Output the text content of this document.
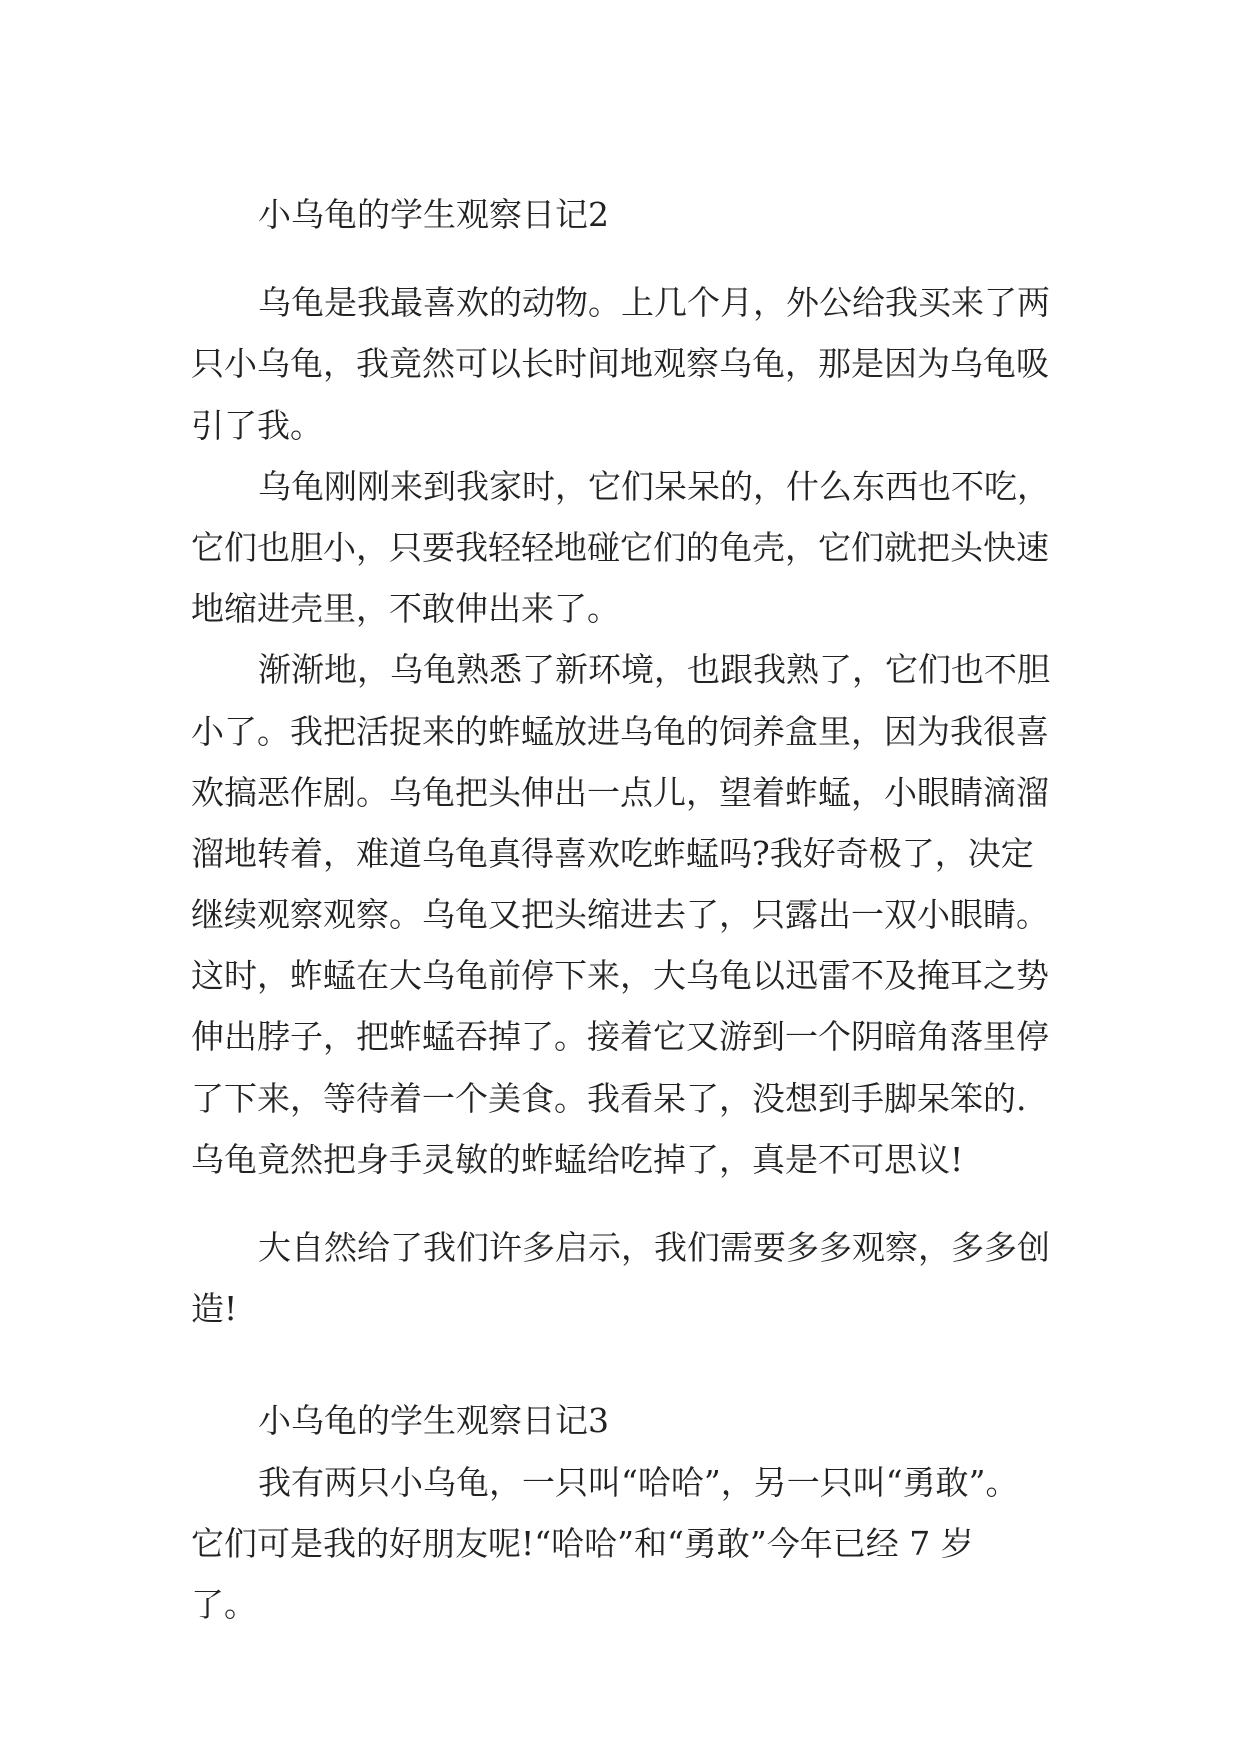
小乌龟的学生观察日记2
乌龟是我最喜欢的动物。上几个月，外公给我买来了两
只小乌龟，我竟然可以长时间地观察乌龟，那是因为乌龟吸
引了我。
乌龟刚刚来到我家时，它们呆呆的，什么东西也不吃，
它们也胆小，只要我轻轻地碰它们的龟壳，它们就把头快速
地缩进壳里，不敢伸出来了。
渐渐地，乌龟熟悉了新环境，也跟我熟了，它们也不胆
小了。我把活捉来的蚱蜢放进乌龟的饲养盒里，因为我很喜
欢搞恶作剧。乌龟把头伸出一点儿，望着蚱蜢，小眼睛滴溜
溜地转着，难道乌龟真得喜欢吃蚱蜢吗?我好奇极了，决定
继续观察观察。乌龟又把头缩进去了，只露出一双小眼睛。
这时，蚱蜢在大乌龟前停下来，大乌龟以迅雷不及掩耳之势
伸出脖子，把蚱蜢吞掉了。接着它又游到一个阴暗角落里停
了下来，等待着一个美食。我看呆了，没想到手脚呆笨的.
乌龟竟然把身手灵敏的蚱蜢给吃掉了，真是不可思议!
大自然给了我们许多启示，我们需要多多观察，多多创
造!
小乌龟的学生观察日记3
我有两只小乌龟，一只叫“哈哈”，另一只叫“勇敢”。
它们可是我的好朋友呢!“哈哈”和“勇敢”今年已经 7 岁
了。
